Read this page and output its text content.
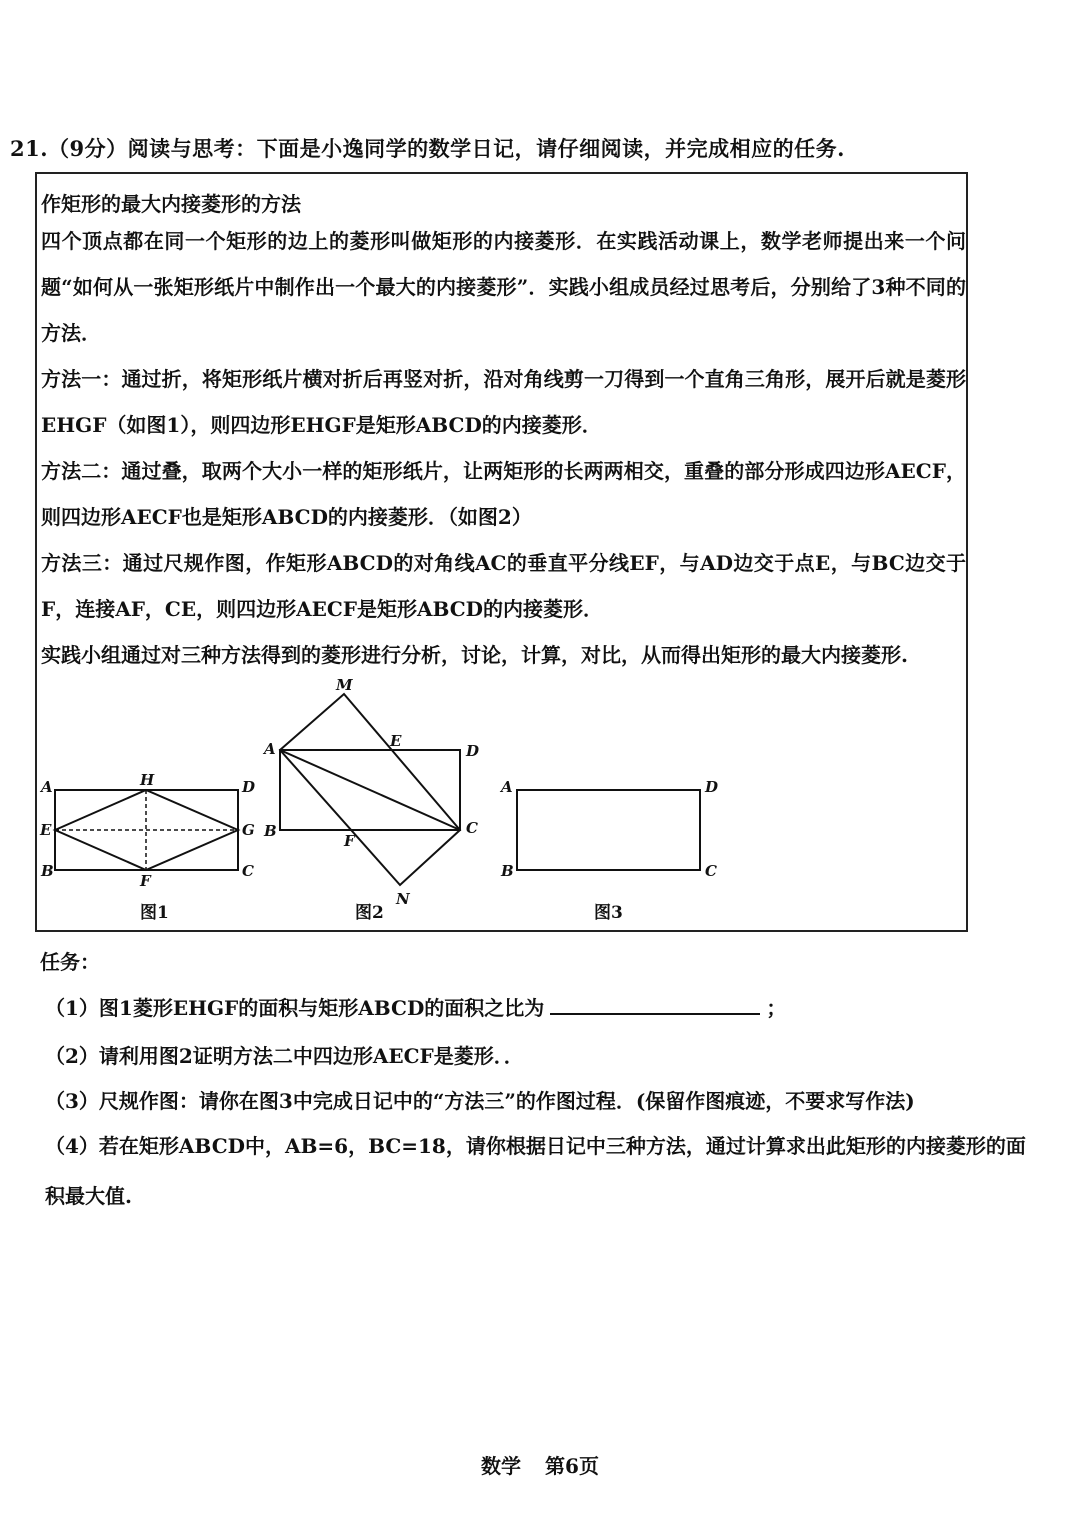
21.（9分）阅读与思考：下面是小逸同学的数学日记，请仔细阅读，并完成相应的任务.
作矩形的最大内接菱形的方法
四个顶点都在同一个矩形的边上的菱形叫做矩形的内接菱形．在实践活动课上，数学老师提出来一个问题“如何从一张矩形纸片中制作出一个最大的内接菱形”．实践小组成员经过思考后，分别给了3种不同的方法．
方法一：通过折，将矩形纸片横对折后再竖对折，沿对角线剪一刀得到一个直角三角形，展开后就是菱形EHGF（如图1），则四边形EHGF是矩形ABCD的内接菱形．
方法二：通过叠，取两个大小一样的矩形纸片，让两矩形的长两两相交，重叠的部分形成四边形AECF，则四边形AECF也是矩形ABCD的内接菱形．（如图2）
方法三：通过尺规作图，作矩形ABCD的对角线AC的垂直平分线EF，与AD边交于点E，与BC边交于F，连接AF，CE，则四边形AECF是矩形ABCD的内接菱形．
实践小组通过对三种方法得到的菱形进行分析，讨论，计算，对比，从而得出矩形的最大内接菱形.
A	H	D
E	G
B
F
C
图1
M
A	E
D
B
F
C
N
图2
A	D
B	C
图3
任务：
（1）图1菱形EHGF的面积与矩形ABCD的面积之比为	；
（2）请利用图2证明方法二中四边形AECF是菱形．．
（3）尺规作图：请你在图3中完成日记中的“方法三”的作图过程．(保留作图痕迹，不要求写作法)
（4）若在矩形ABCD中，AB=6，BC=18，请你根据日记中三种方法，通过计算求出此矩形的内接菱形的面
积最大值.
数学 第6页
